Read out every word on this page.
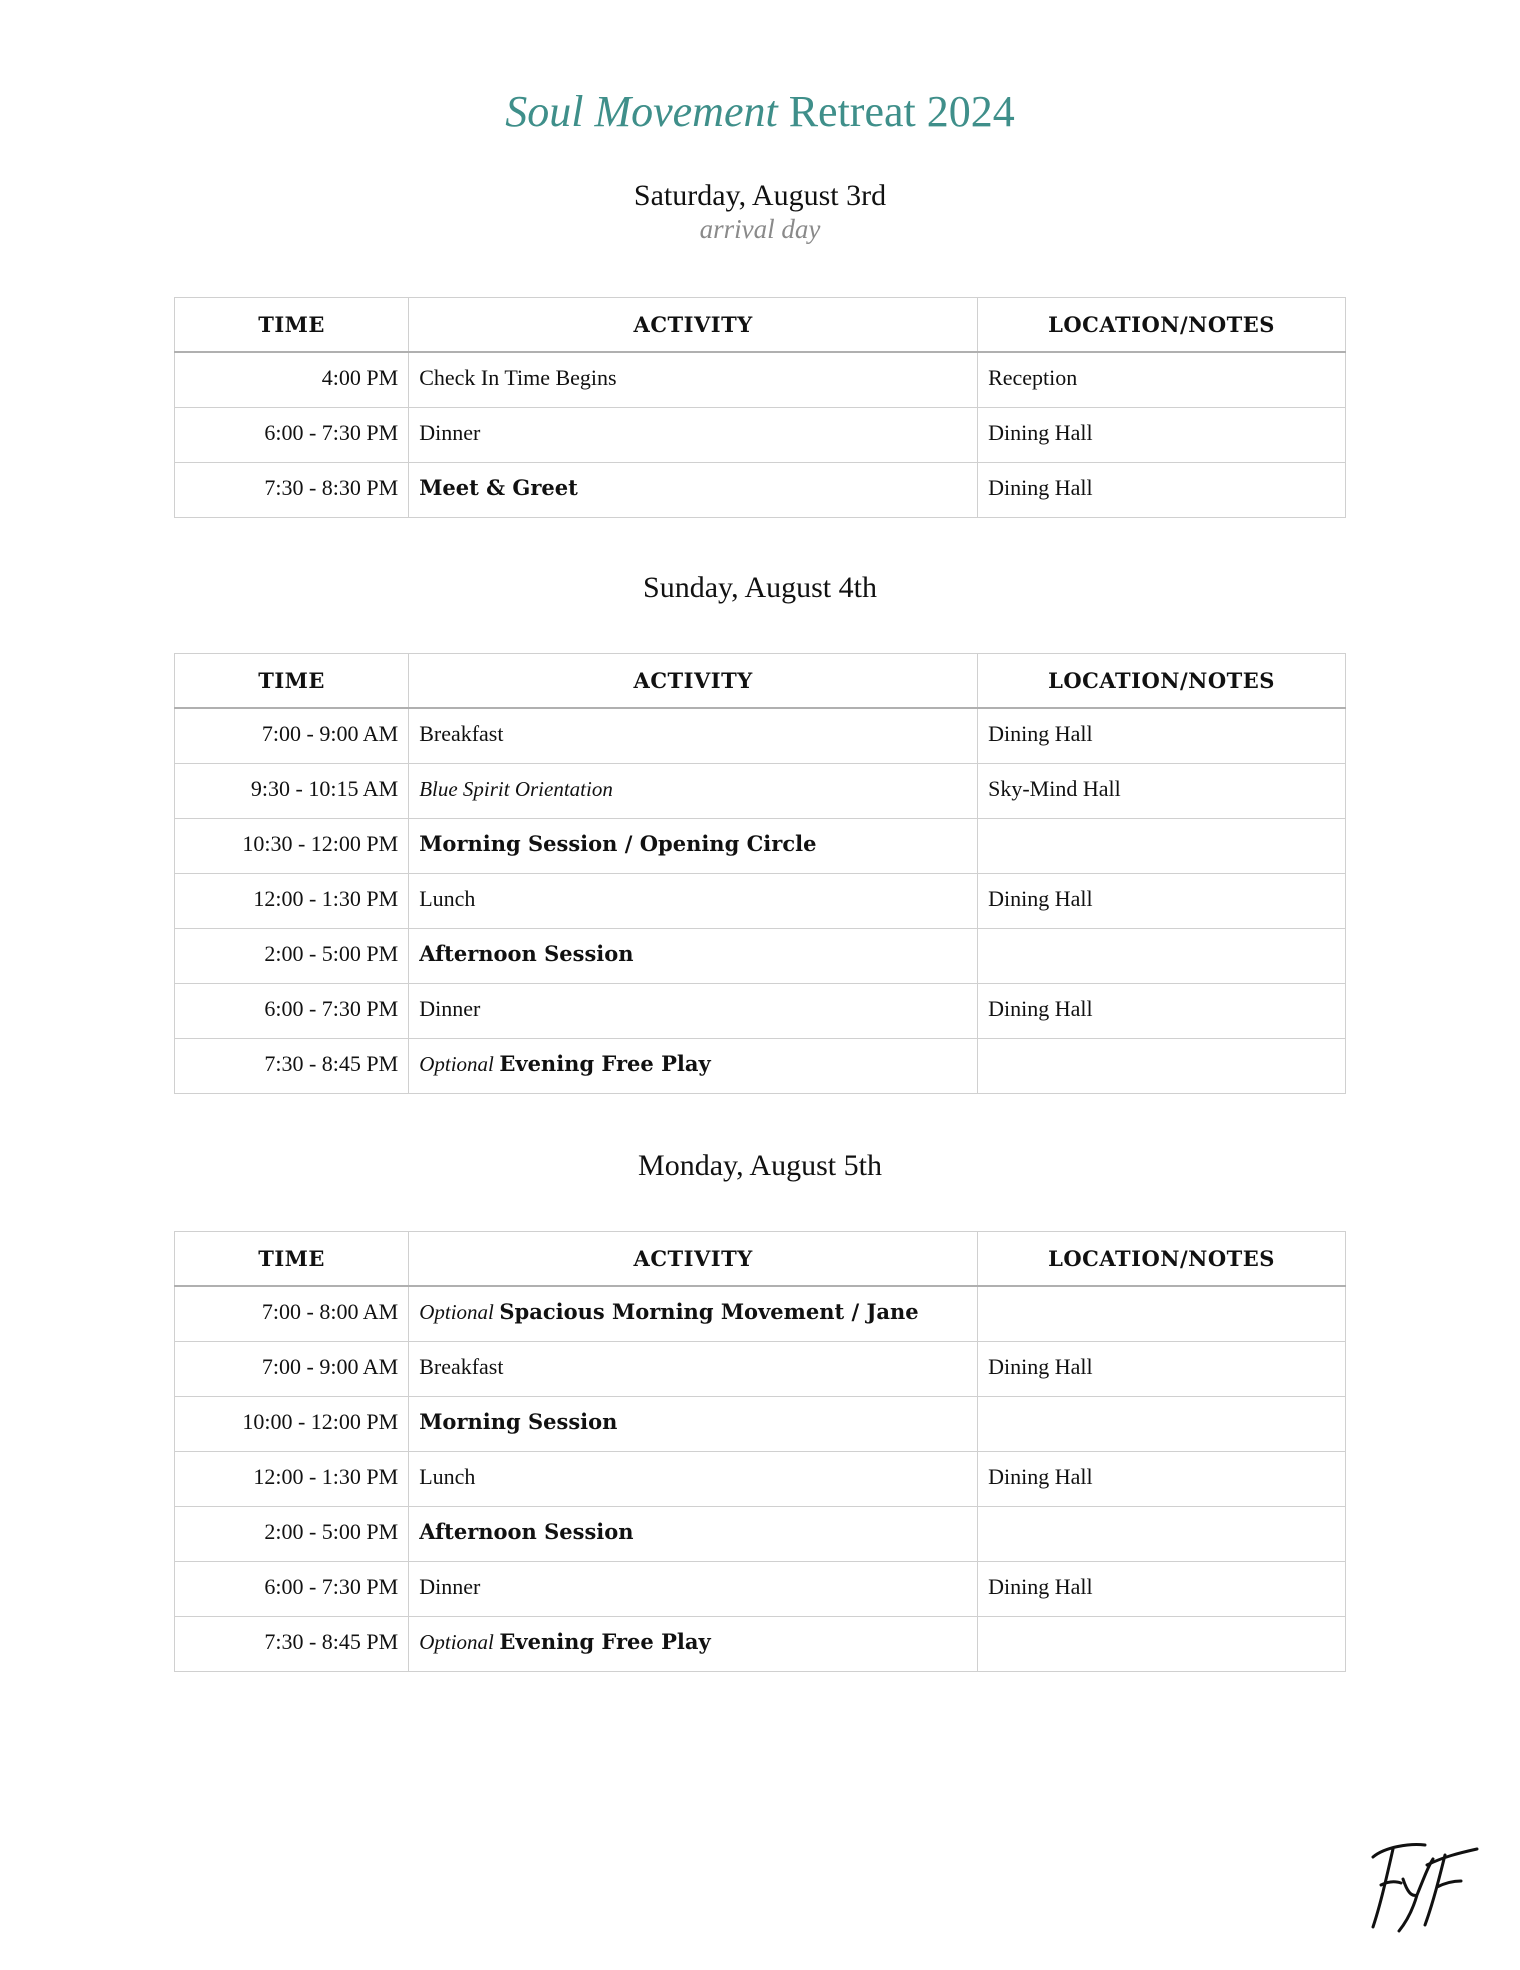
Soul Movement Retreat 2024
Saturday, August 3rd
arrival day
TIME	ACTIVITY	LOCATION/NOTES
4:00 PM	Check In Time Begins	Reception
6:00 - 7:30 PM	Dinner	Dining Hall
7:30 - 8:30 PM	Meet & Greet	Dining Hall
Sunday, August 4th
TIME	ACTIVITY	LOCATION/NOTES
7:00 - 9:00 AM	Breakfast	Dining Hall
9:30 - 10:15 AM	Blue Spirit Orientation	Sky-Mind Hall
10:30 - 12:00 PM	Morning Session / Opening Circle	
12:00 - 1:30 PM	Lunch	Dining Hall
2:00 - 5:00 PM	Afternoon Session	
6:00 - 7:30 PM	Dinner	Dining Hall
7:30 - 8:45 PM	Optional Evening Free Play	
Monday, August 5th
TIME	ACTIVITY	LOCATION/NOTES
7:00 - 8:00 AM	Optional Spacious Morning Movement / Jane	
7:00 - 9:00 AM	Breakfast	Dining Hall
10:00 - 12:00 PM	Morning Session	
12:00 - 1:30 PM	Lunch	Dining Hall
2:00 - 5:00 PM	Afternoon Session	
6:00 - 7:30 PM	Dinner	Dining Hall
7:30 - 8:45 PM	Optional Evening Free Play	
